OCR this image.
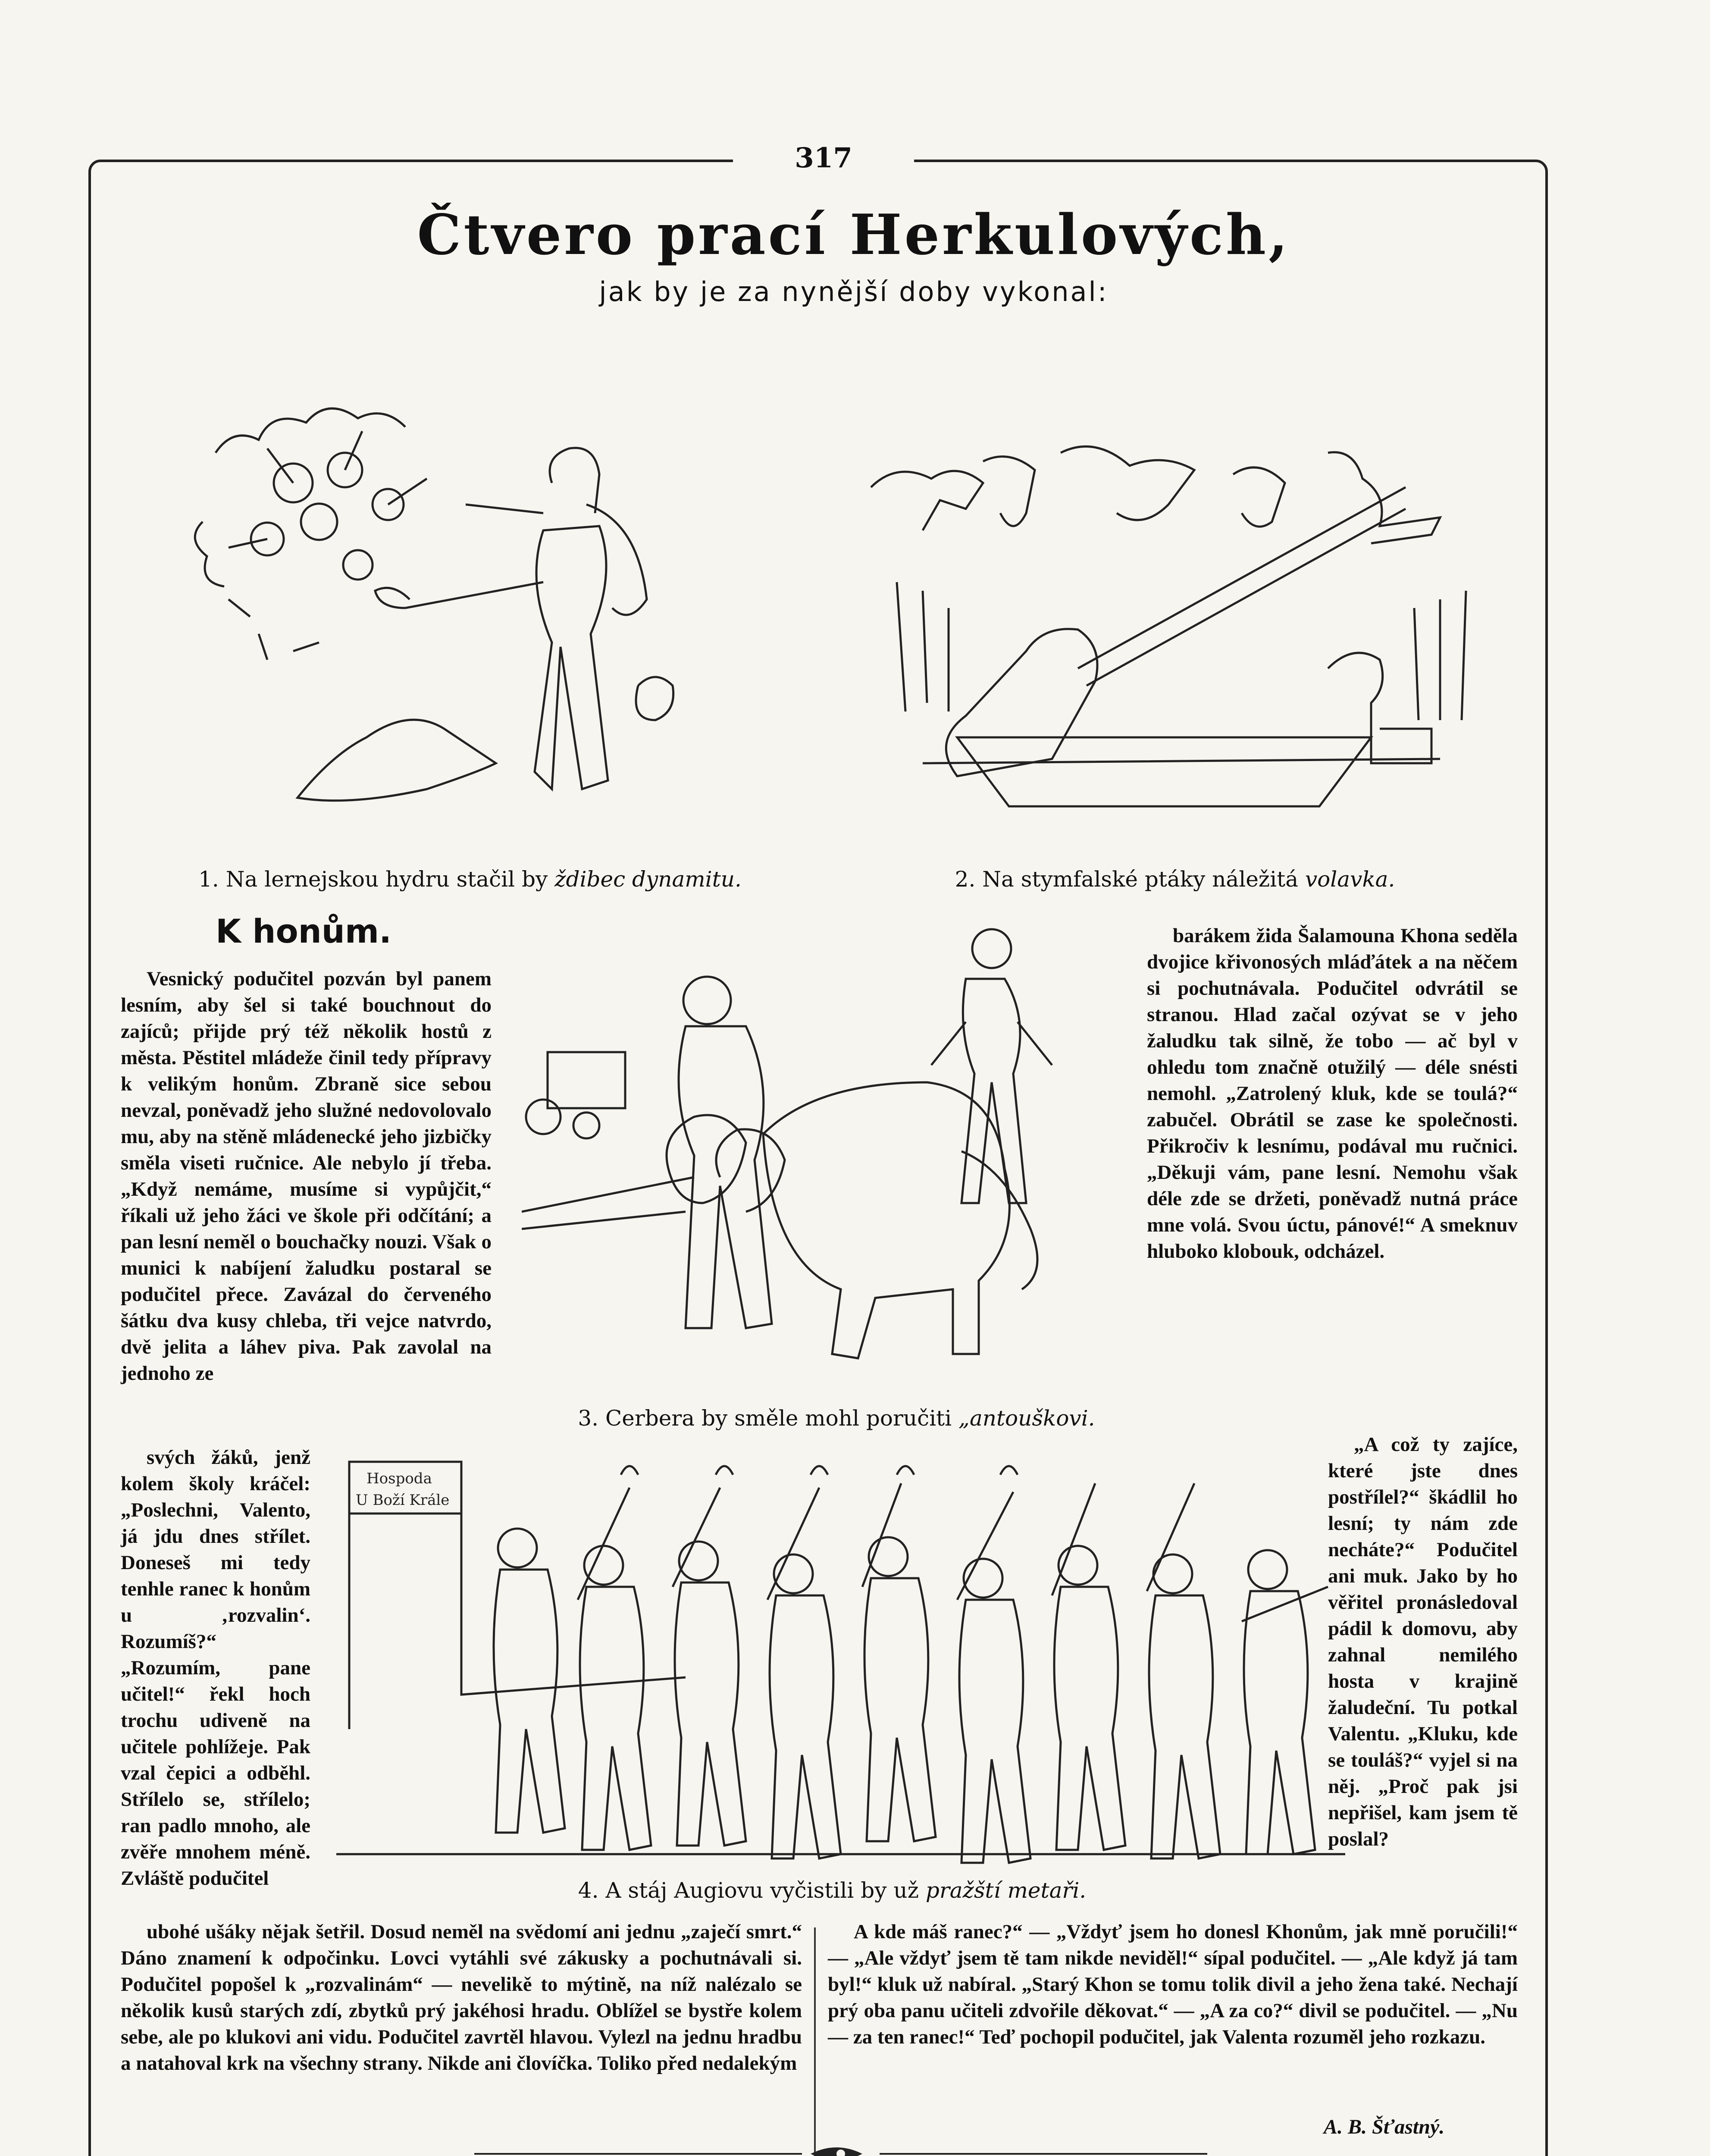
317
Čtvero prací Herkulových,
jak by je za nynější doby vykonal:
1. Na lernejskou hydru stačil by ždibec dynamitu.	2. Na stymfalské ptáky náležitá volavka.
3. Cerbera by směle mohl poručiti „antouškovi.
Hospoda
U Boží Krále
4. A stáj Augiovu vyčistili by už pražští metaři.
K honům.

Vesnický podučitel pozván byl panem lesním, aby šel si také bouchnout do zajíců; přijde prý též několik hostů z města. Pěstitel mládeže činil tedy přípravy k velikým honům. Zbraně sice sebou nevzal, poněvadž jeho služné nedovolovalo mu, aby na stěně mládenecké jeho jizbičky směla viseti ručnice. Ale nebylo jí třeba. „Když nemáme, musíme si vypůjčit,“ říkali už jeho žáci ve škole při odčítání; a pan lesní neměl o bouchačky nouzi. Však o munici k nabíjení žaludku postaral se podučitel přece. Zavázal do červeného šátku dva kusy chleba, tři vejce natvrdo, dvě jelita a láhev piva. Pak zavolal na jednoho ze

svých žáků, jenž kolem školy kráčel: „Poslechni, Valento, já jdu dnes střílet. Doneseš mi tedy tenhle ranec k honům u ‚rozvalin‘. Rozumíš?“ „Rozumím, pane učitel!“ řekl hoch trochu udiveně na učitele pohlížeje. Pak vzal čepici a odběhl. Střílelo se, střílelo; ran padlo mnoho, ale zvěře mnohem méně. Zvláště podučitel

ubohé ušáky nějak šetřil. Dosud neměl na svědomí ani jednu „zaječí smrt.“ Dáno znamení k odpočinku. Lovci vytáhli své zákusky a pochutnávali si. Podučitel popošel k „rozvalinám“ — nevelikě to mýtině, na níž nalézalo se několik kusů starých zdí, zbytků prý jakéhosi hradu. Oblížel se bystře kolem sebe, ale po klukovi ani vidu. Podučitel zavrtěl hlavou. Vylezl na jednu hradbu a natahoval krk na všechny strany. Nikde ani človíčka. Toliko před nedalekým

barákem žida Šalamouna Khona seděla dvojice křivonosých mláďátek a na něčem si pochutnávala. Podučitel odvrátil se stranou. Hlad začal ozývat se v jeho žaludku tak silně, že tobo — ač byl v ohledu tom značně otužilý — déle snésti nemohl. „Zatrolený kluk, kde se toulá?“ zabučel. Obrátil se zase ke společnosti. Přikročiv k lesnímu, podával mu ručnici. „Děkuji vám, pane lesní. Nemohu však déle zde se držeti, poněvadž nutná práce mne volá. Svou úctu, pánové!“ A smeknuv hluboko klobouk, odcházel.

„A což ty zajíce, které jste dnes postřílel?“ škádlil ho lesní; ty nám zde necháte?“ Podučitel ani muk. Jako by ho věřitel pronásledoval pádil k domovu, aby zahnal nemilého hosta v krajině žaludeční. Tu potkal Valentu. „Kluku, kde se touláš?“ vyjel si na něj. „Proč pak jsi nepřišel, kam jsem tě poslal?

A kde máš ranec?“ — „Vždyť jsem ho donesl Khonům, jak mně poručili!“ — „Ale vždyť jsem tě tam nikde neviděl!“ sípal podučitel. — „Ale když já tam byl!“ kluk už nabíral. „Starý Khon se tomu tolik divil a jeho žena také. Nechají prý oba panu učiteli zdvořile děkovat.“ — „A za co?“ divil se podučitel. — „Nu — za ten ranec!“ Teď pochopil podučitel, jak Valenta rozuměl jeho rozkazu.

A. B. Šťastný.
